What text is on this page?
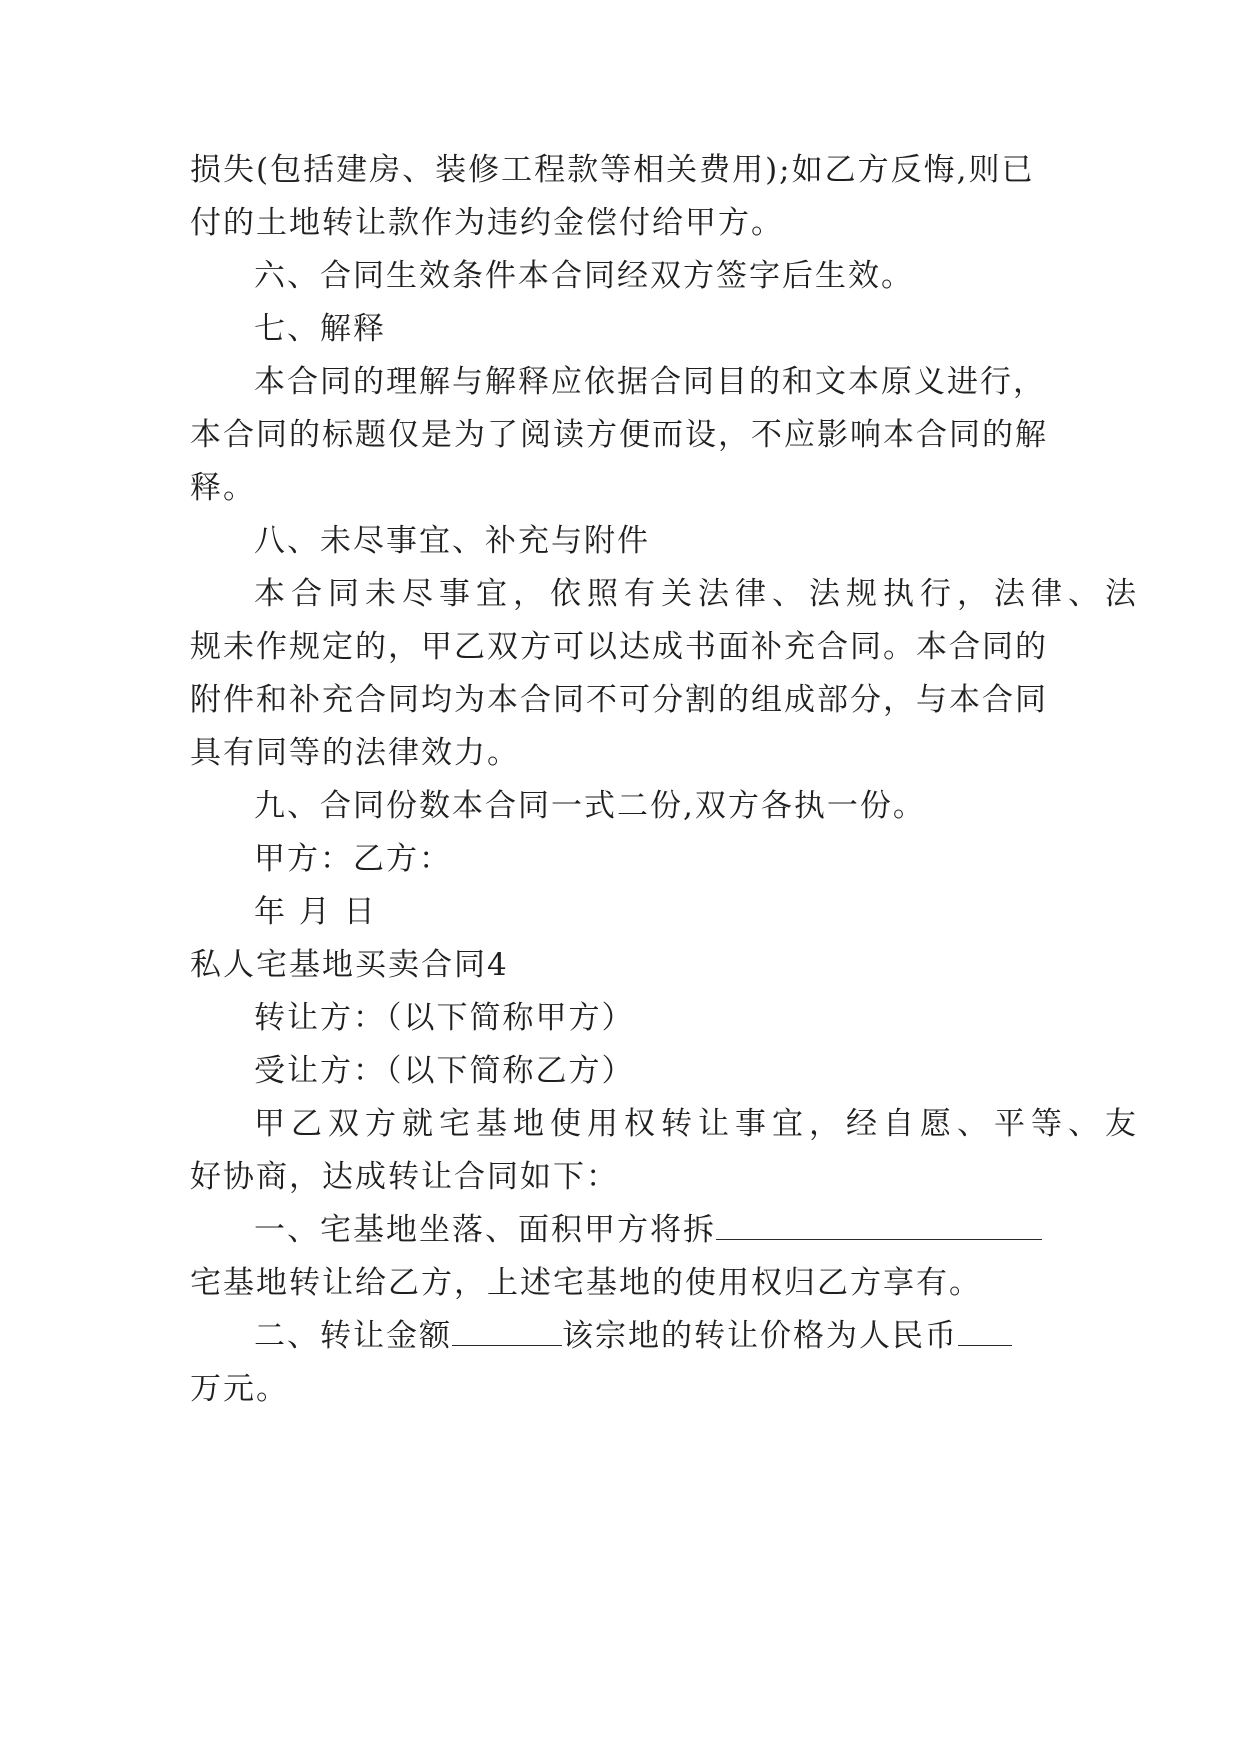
损失(包括建房、装修工程款等相关费用);如乙方反悔,则已
付的土地转让款作为违约金偿付给甲方。
六、合同生效条件本合同经双方签字后生效。
七、解释
本合同的理解与解释应依据合同目的和文本原义进行，
本合同的标题仅是为了阅读方便而设，不应影响本合同的解
释。
八、未尽事宜、补充与附件
本合同未尽事宜，依照有关法律、法规执行，法律、法
规未作规定的，甲乙双方可以达成书面补充合同。本合同的
附件和补充合同均为本合同不可分割的组成部分，与本合同
具有同等的法律效力。
九、合同份数本合同一式二份,双方各执一份。
甲方：乙方：
年 月 日
私人宅基地买卖合同4
转让方：（以下简称甲方）
受让方：（以下简称乙方）
甲乙双方就宅基地使用权转让事宜，经自愿、平等、友
好协商，达成转让合同如下：
一、宅基地坐落、面积甲方将拆
宅基地转让给乙方，上述宅基地的使用权归乙方享有。
二、转让金额	该宗地的转让价格为人民币
万元。
